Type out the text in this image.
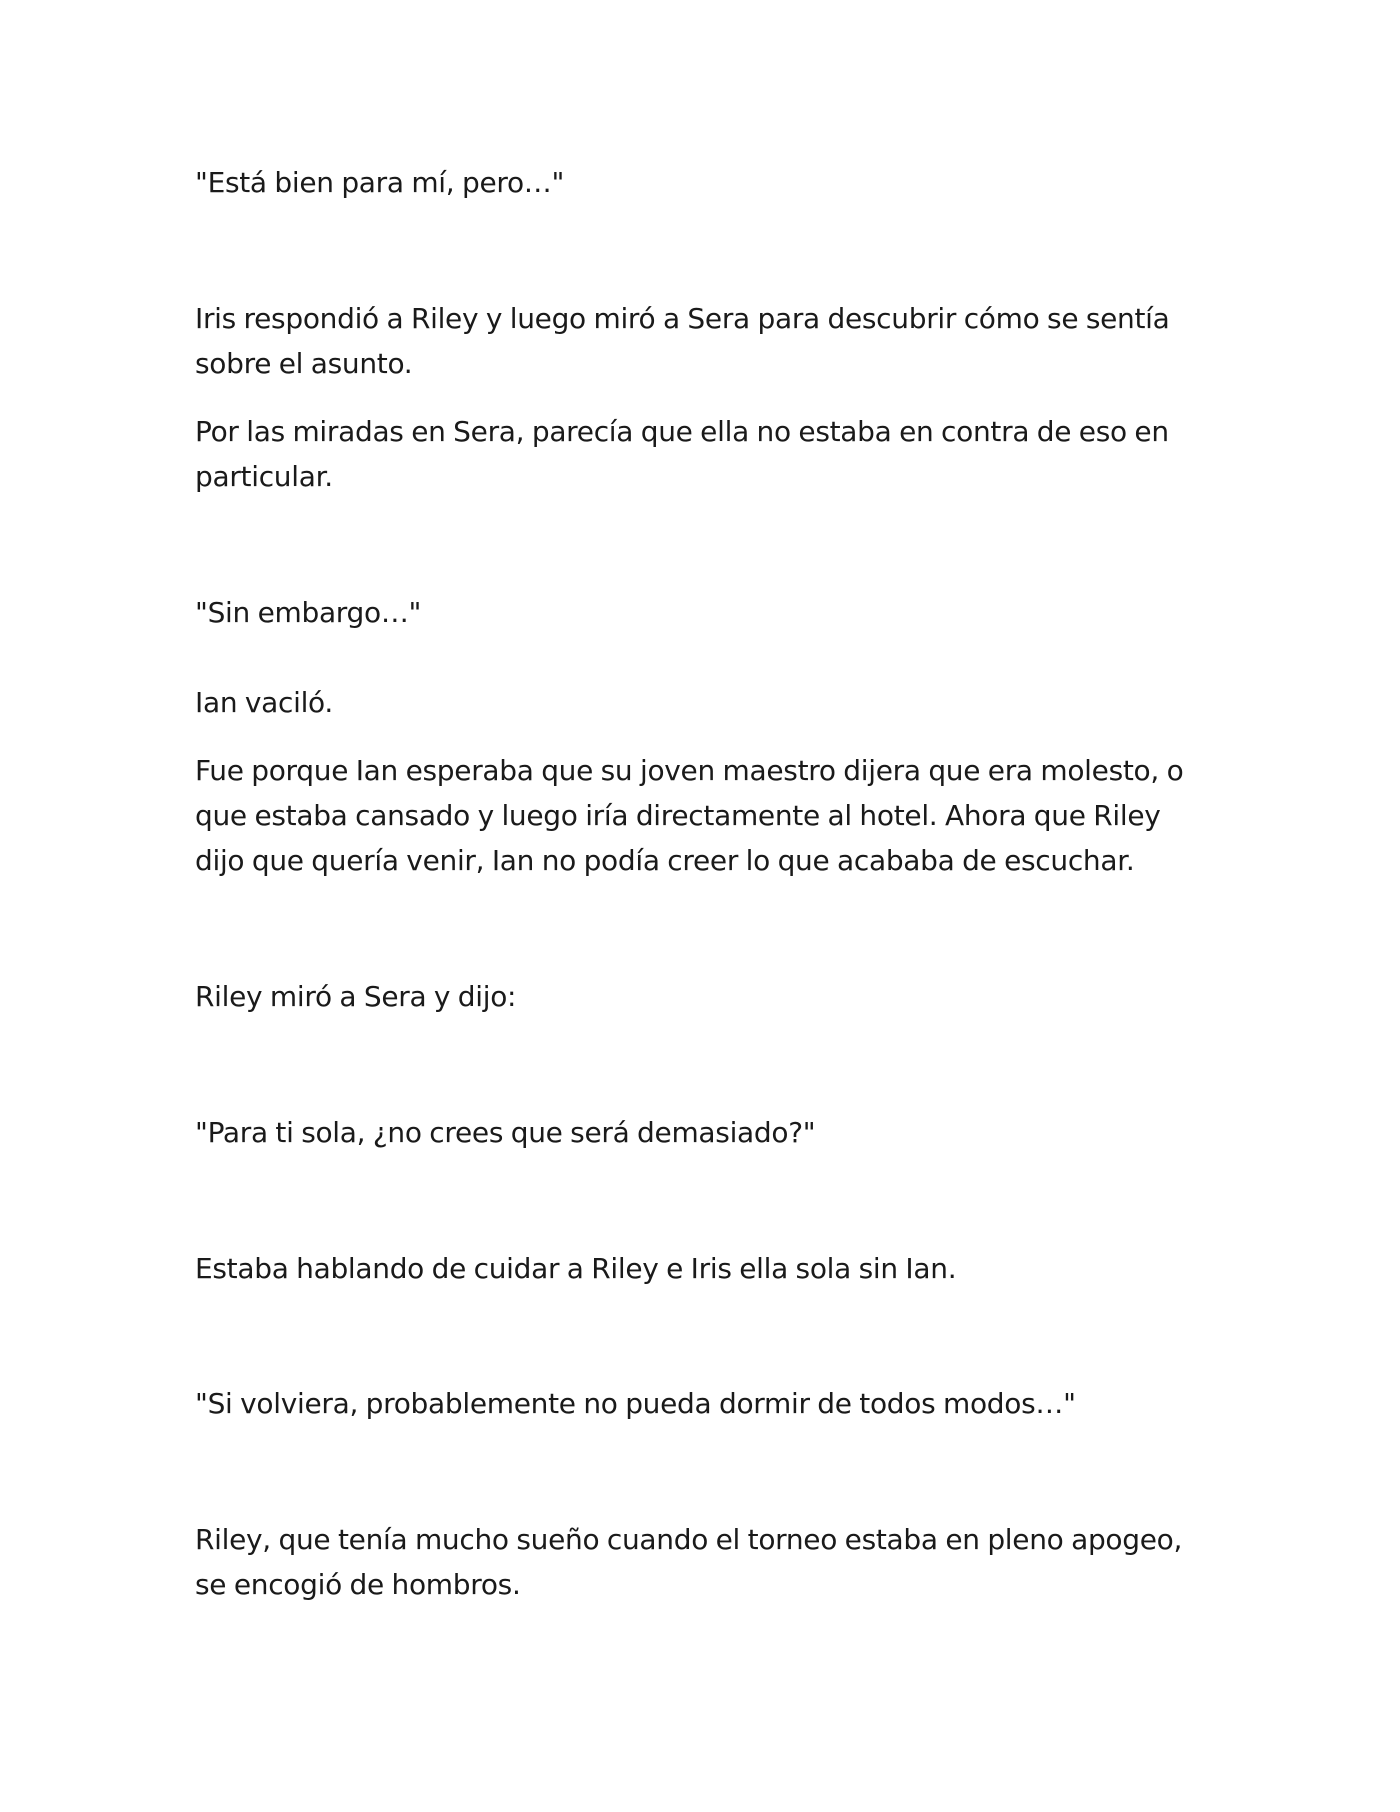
"Está bien para mí, pero…"

Iris respondió a Riley y luego miró a Sera para descubrir cómo se sentía sobre el asunto.

Por las miradas en Sera, parecía que ella no estaba en contra de eso en particular.

"Sin embargo…"

Ian vaciló.

Fue porque Ian esperaba que su joven maestro dijera que era molesto, o que estaba cansado y luego iría directamente al hotel. Ahora que Riley dijo que quería venir, Ian no podía creer lo que acababa de escuchar.

Riley miró a Sera y dijo:

"Para ti sola, ¿no crees que será demasiado?"

Estaba hablando de cuidar a Riley e Iris ella sola sin Ian.

"Si volviera, probablemente no pueda dormir de todos modos…"

Riley, que tenía mucho sueño cuando el torneo estaba en pleno apogeo, se encogió de hombros.
